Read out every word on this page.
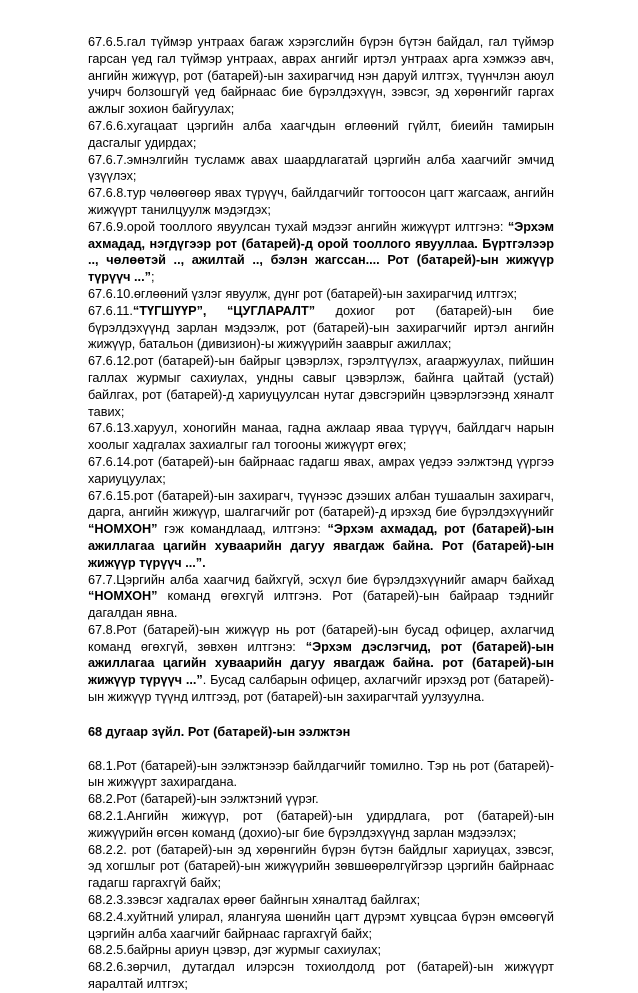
67.6.5.гал түймэр унтраах багаж хэрэгслийн бүрэн бүтэн байдал, гал түймэр гарсан үед гал түймэр унтраах, аврах ангийг иртэл унтраах арга хэмжээ авч, ангийн жижүүр, рот (батарей)-ын захирагчид нэн даруй илтгэх, түүнчлэн аюул учирч болзошгүй үед байрнаас бие бүрэлдэхүүн, зэвсэг, эд хөрөнгийг гаргах ажлыг зохион байгуулах;

67.6.6.хугацаат цэргийн алба хаагчдын өглөөний гүйлт, биеийн тамирын дасгалыг удирдах;

67.6.7.эмнэлгийн тусламж авах шаардлагатай цэргийн алба хаагчийг эмчид үзүүлэх;

67.6.8.тур чөлөөгөөр явах түрүүч, байлдагчийг тогтоосон цагт жагсааж, ангийн жижүүрт танилцуулж мэдэгдэх;

67.6.9.орой тооллого явуулсан тухай мэдээг ангийн жижүүрт илтгэнэ: “Эрхэм ахмадад, нэгдүгээр рот (батарей)-д орой тооллого явууллаа. Бүртгэлээр .., чөлөөтэй .., ажилтай .., бэлэн жагссан.... Рот (батарей)-ын жижүүр түрүүч ...”;

67.6.10.өглөөний үзлэг явуулж, дүнг рот (батарей)-ын захирагчид илтгэх;

67.6.11.“ТҮГШҮҮР”, “ЦУГЛАРАЛТ” дохиог рот (батарей)-ын бие бүрэлдэхүүнд зарлан мэдээлж, рот (батарей)-ын захирагчийг иртэл ангийн жижүүр, батальон (дивизион)-ы жижүүрийн зааврыг ажиллах;

67.6.12.рот (батарей)-ын байрыг цэвэрлэх, гэрэлтүүлэх, агааржуулах, пийшин галлах журмыг сахиулах, ундны савыг цэвэрлэж, байнга цайтай (устай) байлгах, рот (батарей)-д хариуцуулсан нутаг дэвсгэрийн цэвэрлэгээнд хяналт тавих;

67.6.13.харуул, хоногийн манаа, гадна ажлаар яваа түрүүч, байлдагч нарын хоолыг хадгалах захиалгыг гал тогооны жижүүрт өгөх;

67.6.14.рот (батарей)-ын байрнаас гадагш явах, амрах үедээ ээлжтэнд үүргээ хариуцуулах;

67.6.15.рот (батарей)-ын захирагч, түүнээс дээших албан тушаалын захирагч, дарга, ангийн жижүүр, шалгагчийг рот (батарей)-д ирэхэд бие бүрэлдэхүүнийг “НОМХОН” гэж командлаад, илтгэнэ: “Эрхэм ахмадад, рот (батарей)-ын ажиллагаа цагийн хуваарийн дагуу явагдаж байна. Рот (батарей)-ын жижүүр түрүүч ...”.

67.7.Цэргийн алба хаагчид байхгүй, эсхүл бие бүрэлдэхүүнийг амарч байхад “НОМХОН” команд өгөхгүй илтгэнэ. Рот (батарей)-ын байраар тэднийг дагалдан явна.

67.8.Рот (батарей)-ын жижүүр нь рот (батарей)-ын бусад офицер, ахлагчид команд өгөхгүй, зөвхөн илтгэнэ: “Эрхэм дэслэгчид, рот (батарей)-ын ажиллагаа цагийн хуваарийн дагуу явагдаж байна. рот (батарей)-ын жижүүр түрүүч ...”. Бусад салбарын офицер, ахлагчийг ирэхэд рот (батарей)-ын жижүүр түүнд илтгээд, рот (батарей)-ын захирагчтай уулзуулна.

68 дугаар зүйл. Рот (батарей)-ын ээлжтэн

68.1.Рот (батарей)-ын ээлжтэнээр байлдагчийг томилно. Тэр нь рот (батарей)-ын жижүүрт захирагдана.

68.2.Рот (батарей)-ын ээлжтэний үүрэг.

68.2.1.Ангийн жижүүр, рот (батарей)-ын удирдлага, рот (батарей)-ын жижүүрийн өгсөн команд (дохио)-ыг бие бүрэлдэхүүнд зарлан мэдээлэх;

68.2.2. рот (батарей)-ын эд хөрөнгийн бүрэн бүтэн байдлыг хариуцах, зэвсэг, эд хогшлыг рот (батарей)-ын жижүүрийн зөвшөөрөлгүйгээр цэргийн байрнаас гадагш гаргахгүй байх;

68.2.3.зэвсэг хадгалах өрөөг байнгын хяналтад байлгах;

68.2.4.хуйтний улирал, ялангуяа шөнийн цагт дүрэмт хувцсаа бүрэн өмсөөгүй цэргийн алба хаагчийг байрнаас гаргахгүй байх;

68.2.5.байрны ариун цэвэр, дэг журмыг сахиулах;

68.2.6.зөрчил, дутагдал илэрсэн тохиолдолд рот (батарей)-ын жижүүрт яаралтай илтгэх;
